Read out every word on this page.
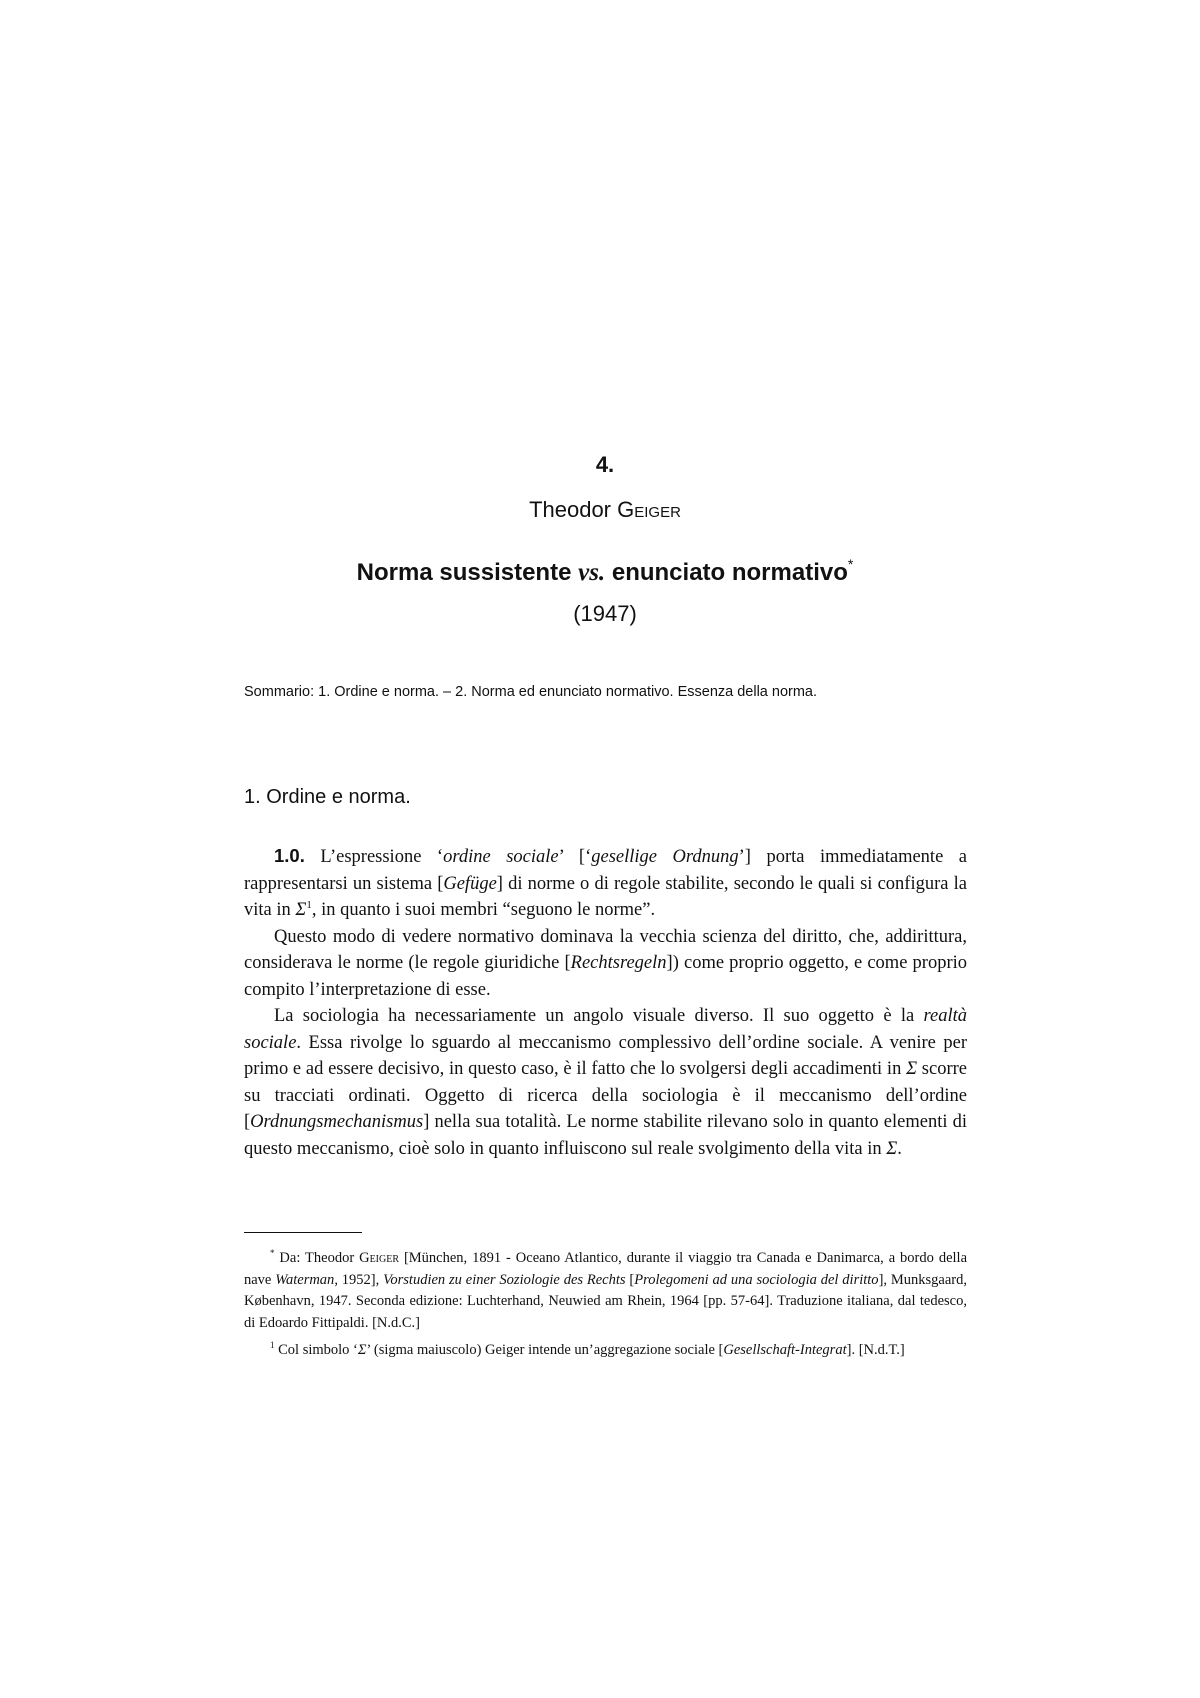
4.
Theodor Geiger
Norma sussistente vs. enunciato normativo*
(1947)
Sommario: 1. Ordine e norma. – 2. Norma ed enunciato normativo. Essenza della norma.
1. Ordine e norma.

1.0. L’espressione ‘ordine sociale’ [‘gesellige Ordnung’] porta immediatamente a rappresentarsi un sistema [Gefüge] di norme o di regole stabilite, secondo le quali si configura la vita in $\Sigma^1$, in quanto i suoi membri “seguono le norme”.

Questo modo di vedere normativo dominava la vecchia scienza del diritto, che, addirittura, considerava le norme (le regole giuridiche [Rechtsregeln]) come proprio oggetto, e come proprio compito l’interpretazione di esse.

La sociologia ha necessariamente un angolo visuale diverso. Il suo oggetto è la realtà sociale. Essa rivolge lo sguardo al meccanismo complessivo dell’ordine sociale. A venire per primo e ad essere decisivo, in questo caso, è il fatto che lo svolgersi degli accadimenti in Σ scorre su tracciati ordinati. Oggetto di ricerca della sociologia è il meccanismo dell’ordine [Ordnungsmechanismus] nella sua totalità. Le norme stabilite rilevano solo in quanto elementi di questo meccanismo, cioè solo in quanto influiscono sul reale svolgimento della vita in Σ.

* Da: Theodor Geiger [München, 1891 - Oceano Atlantico, durante il viaggio tra Canada e Danimarca, a bordo della nave Waterman, 1952], Vorstudien zu einer Soziologie des Rechts [Prolegomeni ad una sociologia del diritto], Munksgaard, København, 1947. Seconda edizione: Luchterhand, Neuwied am Rhein, 1964 [pp. 57-64]. Traduzione italiana, dal tedesco, di Edoardo Fittipaldi. [N.d.C.]

$^1$ Col simbolo ‘Σ’ (sigma maiuscolo) Geiger intende un’aggregazione sociale [Gesellschaft-Integrat]. [N.d.T.]
